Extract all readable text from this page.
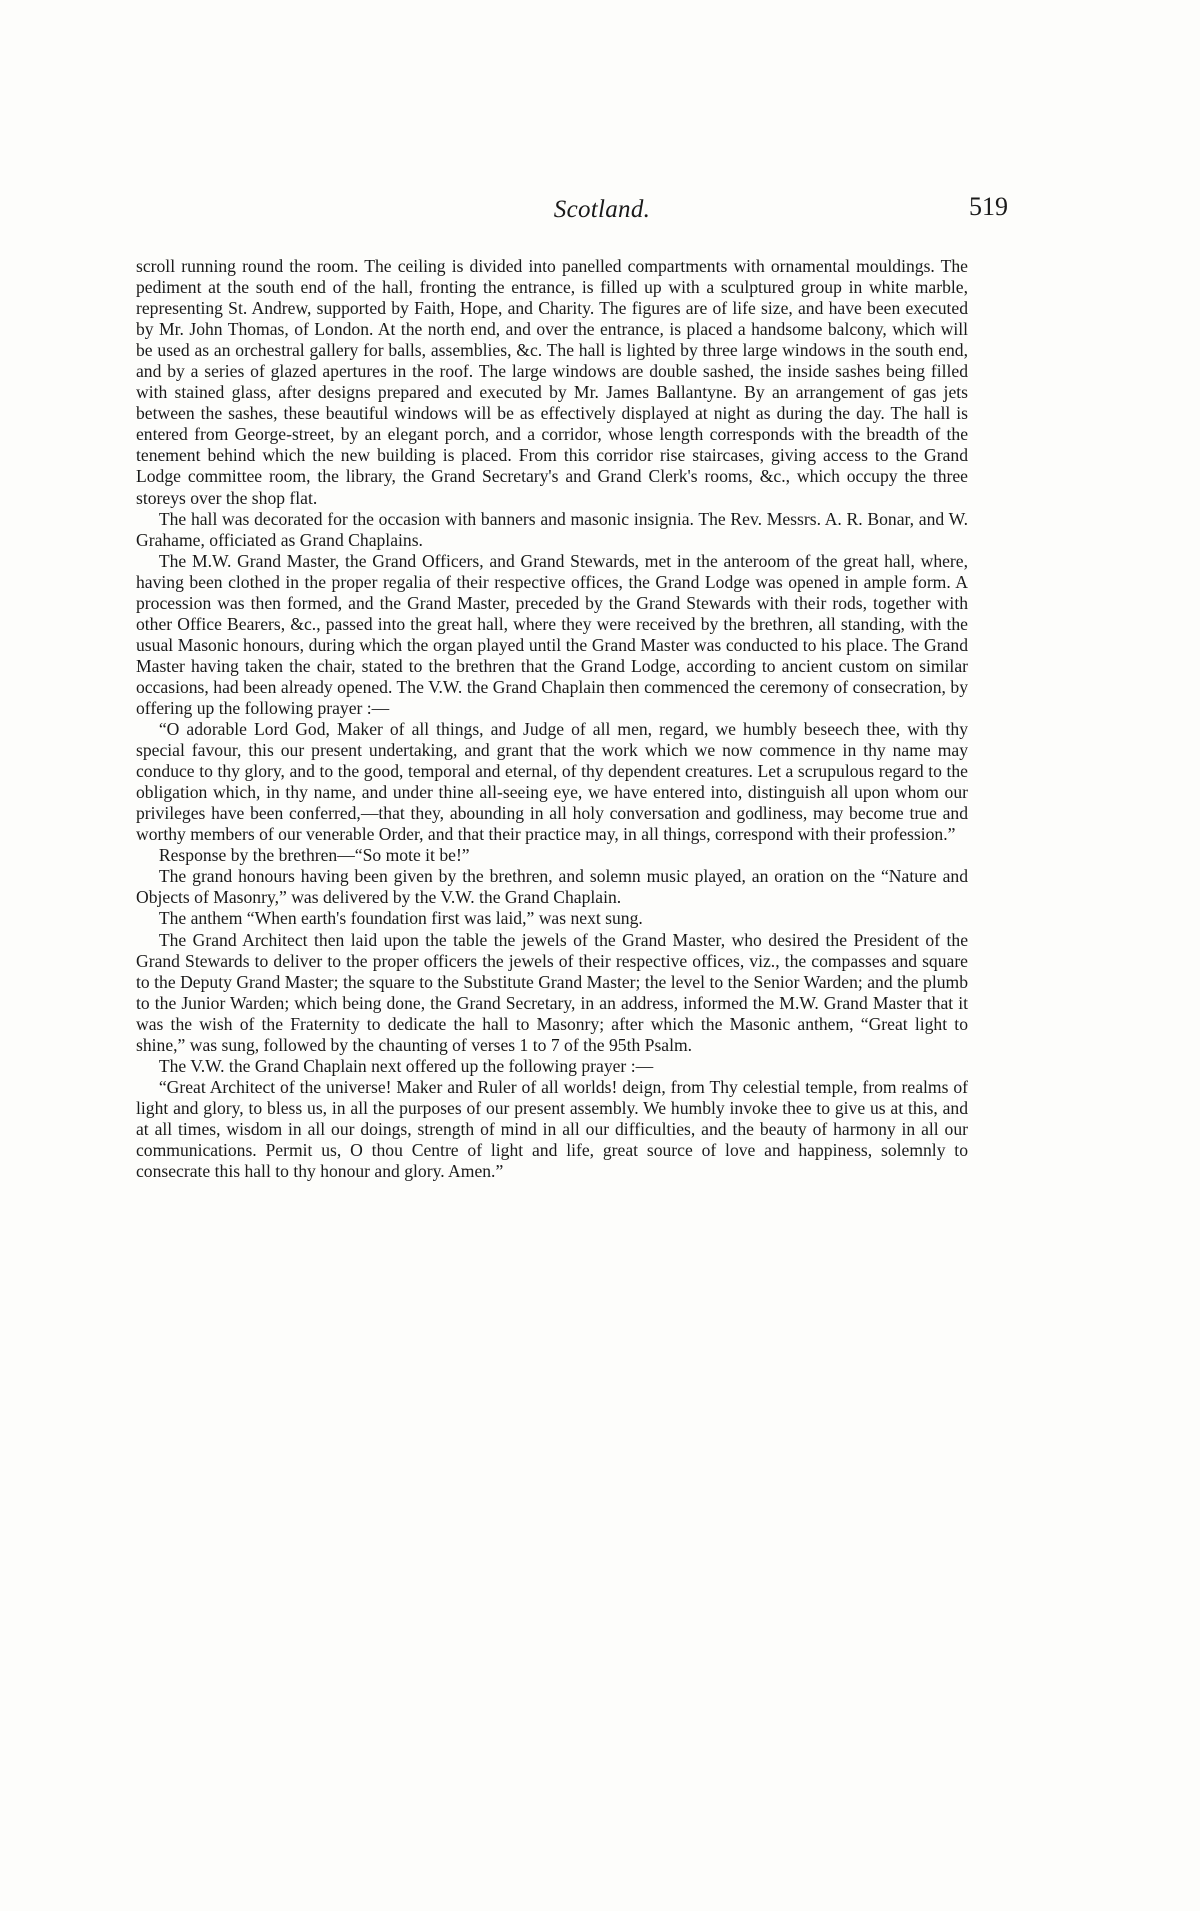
Scotland.	519

scroll running round the room. The ceiling is divided into panelled compartments with ornamental mouldings. The pediment at the south end of the hall, fronting the entrance, is filled up with a sculptured group in white marble, representing St. Andrew, supported by Faith, Hope, and Charity. The figures are of life size, and have been executed by Mr. John Thomas, of London. At the north end, and over the entrance, is placed a handsome balcony, which will be used as an orchestral gallery for balls, assemblies, &c. The hall is lighted by three large windows in the south end, and by a series of glazed apertures in the roof. The large windows are double sashed, the inside sashes being filled with stained glass, after designs prepared and executed by Mr. James Ballantyne. By an arrangement of gas jets between the sashes, these beautiful windows will be as effectively displayed at night as during the day. The hall is entered from George-street, by an elegant porch, and a corridor, whose length corresponds with the breadth of the tenement behind which the new building is placed. From this corridor rise staircases, giving access to the Grand Lodge committee room, the library, the Grand Secretary's and Grand Clerk's rooms, &c., which occupy the three storeys over the shop flat.

The hall was decorated for the occasion with banners and masonic insignia. The Rev. Messrs. A. R. Bonar, and W. Grahame, officiated as Grand Chaplains.

The M.W. Grand Master, the Grand Officers, and Grand Stewards, met in the anteroom of the great hall, where, having been clothed in the proper regalia of their respective offices, the Grand Lodge was opened in ample form. A procession was then formed, and the Grand Master, preceded by the Grand Stewards with their rods, together with other Office Bearers, &c., passed into the great hall, where they were received by the brethren, all standing, with the usual Masonic honours, during which the organ played until the Grand Master was conducted to his place. The Grand Master having taken the chair, stated to the brethren that the Grand Lodge, according to ancient custom on similar occasions, had been already opened. The V.W. the Grand Chaplain then commenced the ceremony of consecration, by offering up the following prayer :—

“O adorable Lord God, Maker of all things, and Judge of all men, regard, we humbly beseech thee, with thy special favour, this our present undertaking, and grant that the work which we now commence in thy name may conduce to thy glory, and to the good, temporal and eternal, of thy dependent creatures. Let a scrupulous regard to the obligation which, in thy name, and under thine all-seeing eye, we have entered into, distinguish all upon whom our privileges have been conferred,—that they, abounding in all holy conversation and godliness, may become true and worthy members of our venerable Order, and that their practice may, in all things, correspond with their profession.”

Response by the brethren—“So mote it be!”

The grand honours having been given by the brethren, and solemn music played, an oration on the “Nature and Objects of Masonry,” was delivered by the V.W. the Grand Chaplain.

The anthem “When earth's foundation first was laid,” was next sung.

The Grand Architect then laid upon the table the jewels of the Grand Master, who desired the President of the Grand Stewards to deliver to the proper officers the jewels of their respective offices, viz., the compasses and square to the Deputy Grand Master; the square to the Substitute Grand Master; the level to the Senior Warden; and the plumb to the Junior Warden; which being done, the Grand Secretary, in an address, informed the M.W. Grand Master that it was the wish of the Fraternity to dedicate the hall to Masonry; after which the Masonic anthem, “Great light to shine,” was sung, followed by the chaunting of verses 1 to 7 of the 95th Psalm.

The V.W. the Grand Chaplain next offered up the following prayer :—

“Great Architect of the universe! Maker and Ruler of all worlds! deign, from Thy celestial temple, from realms of light and glory, to bless us, in all the purposes of our present assembly. We humbly invoke thee to give us at this, and at all times, wisdom in all our doings, strength of mind in all our difficulties, and the beauty of harmony in all our communications. Permit us, O thou Centre of light and life, great source of love and happiness, solemnly to consecrate this hall to thy honour and glory. Amen.”
